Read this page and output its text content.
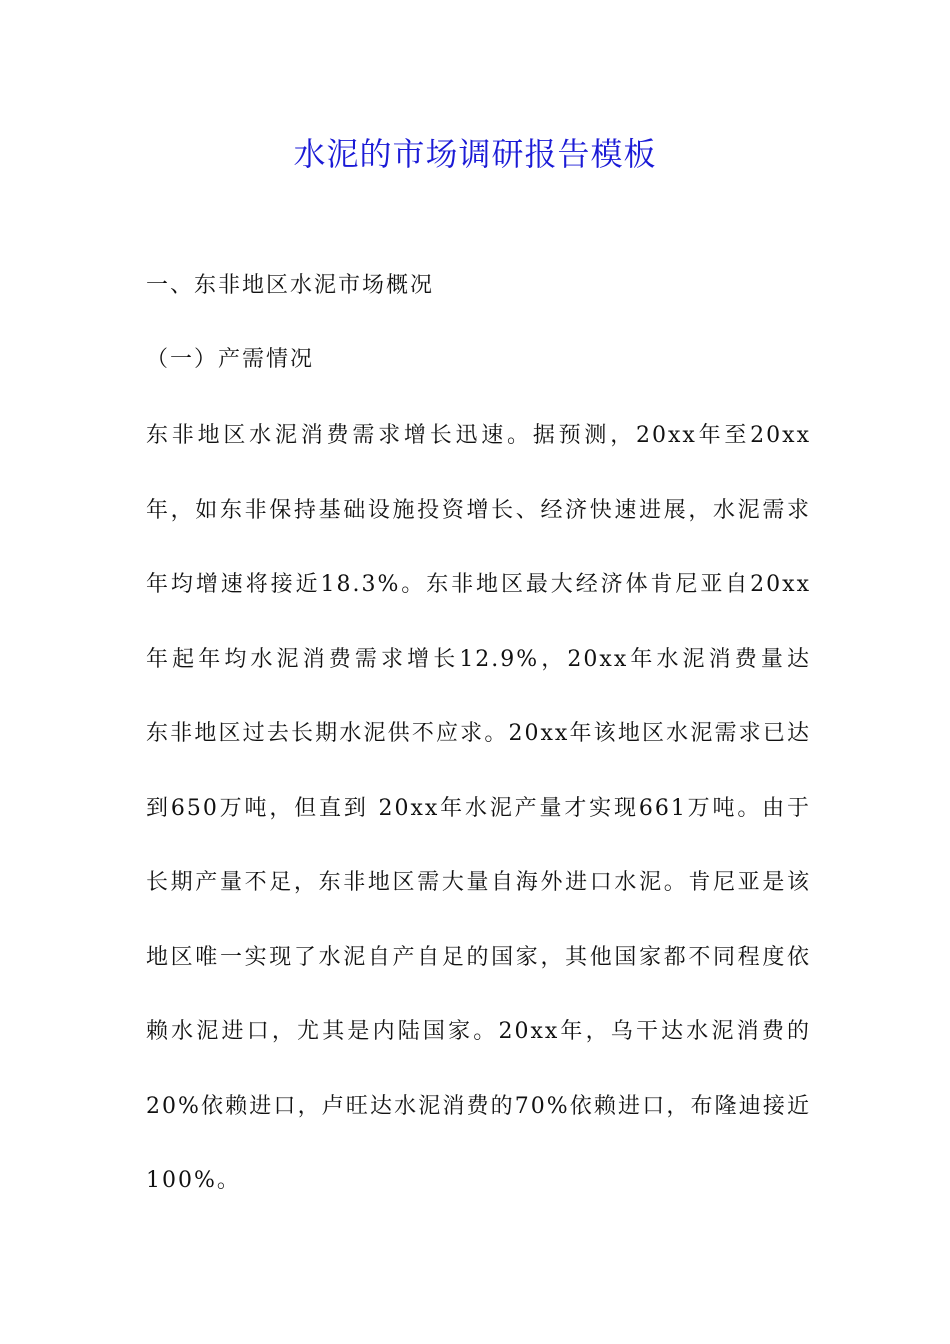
水泥的市场调研报告模板

一、东非地区水泥市场概况

（一）产需情况

东非地区水泥消费需求增长迅速。据预测，20xx年至20xx年，如东非保持基础设施投资增长、经济快速进展，水泥需求年均增速将接近18.3%。东非地区最大经济体肯尼亚自20xx年起年均水泥消费需求增长12.9%，20xx年水泥消费量达

东非地区过去长期水泥供不应求。20xx年该地区水泥需求已达到650万吨，但直到 20xx年水泥产量才实现661万吨。由于长期产量不足，东非地区需大量自海外进口水泥。肯尼亚是该地区唯一实现了水泥自产自足的国家，其他国家都不同程度依赖水泥进口，尤其是内陆国家。20xx年，乌干达水泥消费的20%依赖进口，卢旺达水泥消费的70%依赖进口，布隆迪接近100%。
